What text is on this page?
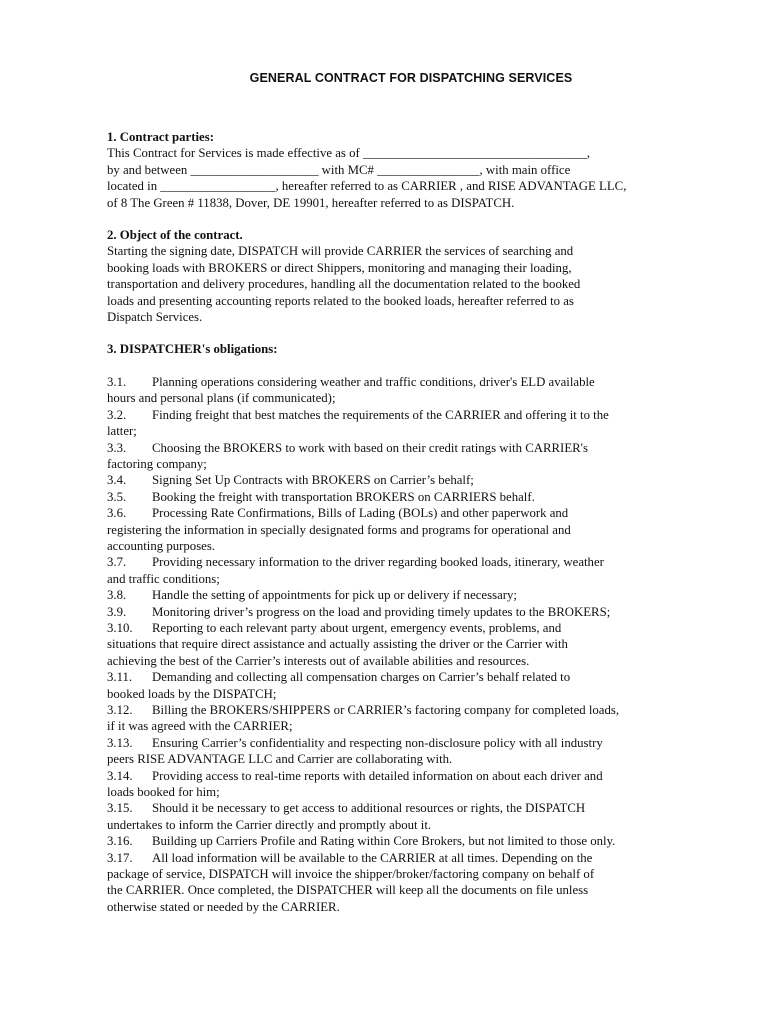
GENERAL CONTRACT FOR DISPATCHING SERVICES
1. Contract parties:
This Contract for Services is made effective as of ___________________________________,
by and between ____________________ with MC# ________________, with main office
located in __________________, hereafter referred to as CARRIER , and RISE ADVANTAGE LLC,
of 8 The Green # 11838, Dover, DE 19901, hereafter referred to as DISPATCH.
2. Object of the contract.
Starting the signing date, DISPATCH will provide CARRIER the services of searching and
booking loads with BROKERS or direct Shippers, monitoring and managing their loading,
transportation and delivery procedures, handling all the documentation related to the booked
loads and presenting accounting reports related to the booked loads, hereafter referred to as
Dispatch Services.
3. DISPATCHER's obligations:
3.1. Planning operations considering weather and traffic conditions, driver's ELD available
hours and personal plans (if communicated);
3.2. Finding freight that best matches the requirements of the CARRIER and offering it to the
latter;
3.3. Choosing the BROKERS to work with based on their credit ratings with CARRIER's
factoring company;
3.4. Signing Set Up Contracts with BROKERS on Carrier’s behalf;
3.5. Booking the freight with transportation BROKERS on CARRIERS behalf.
3.6. Processing Rate Confirmations, Bills of Lading (BOLs) and other paperwork and
registering the information in specially designated forms and programs for operational and
accounting purposes.
3.7. Providing necessary information to the driver regarding booked loads, itinerary, weather
and traffic conditions;
3.8. Handle the setting of appointments for pick up or delivery if necessary;
3.9. Monitoring driver’s progress on the load and providing timely updates to the BROKERS;
3.10. Reporting to each relevant party about urgent, emergency events, problems, and
situations that require direct assistance and actually assisting the driver or the Carrier with
achieving the best of the Carrier’s interests out of available abilities and resources.
3.11. Demanding and collecting all compensation charges on Carrier’s behalf related to
booked loads by the DISPATCH;
3.12. Billing the BROKERS/SHIPPERS or CARRIER’s factoring company for completed loads,
if it was agreed with the CARRIER;
3.13. Ensuring Carrier’s confidentiality and respecting non-disclosure policy with all industry
peers RISE ADVANTAGE LLC and Carrier are collaborating with.
3.14. Providing access to real-time reports with detailed information on about each driver and
loads booked for him;
3.15. Should it be necessary to get access to additional resources or rights, the DISPATCH
undertakes to inform the Carrier directly and promptly about it.
3.16. Building up Carriers Profile and Rating within Core Brokers, but not limited to those only.
3.17. All load information will be available to the CARRIER at all times. Depending on the
package of service, DISPATCH will invoice the shipper/broker/factoring company on behalf of
the CARRIER. Once completed, the DISPATCHER will keep all the documents on file unless
otherwise stated or needed by the CARRIER.
